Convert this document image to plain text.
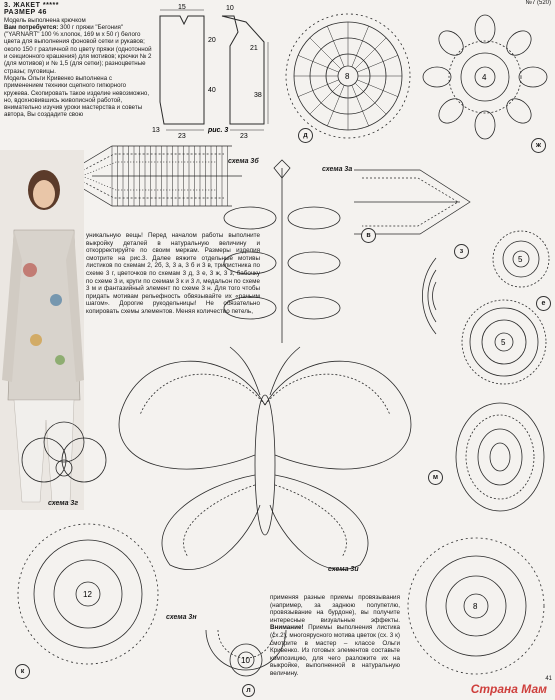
3. ЖАКЕТ *****
РАЗМЕР 46
Модель выполнена крючком
Вам потребуется: 300 г пряжи "Бегония" ("YARNART" 100 % хлопок, 169 м х 50 г) белого цвета для выполнения фоновой сетки и рукавов; около 150 г различной по цвету пряжи (однотонной и секционного крашения) для мотивов; крючки № 2 (для мотивов) и № 1,5 (для сетки); разноцветные стразы; пуговицы.
Модель Ольги Кривенко выполнена с применением техники сцепного гипюрного кружева. Скопировать такое изделие невозможно, но, вдохновившись живописной работой, внимательно изучив уроки мастерства и советы автора, Вы создадите свою
№7 (520)
15
20
23	23
40
21
38
10
13	рис. 3
8
д
4
ж
схема 3б
схема 3а
в
5
з
5
е
уникальную вещь! Перед началом работы выполните выкройку деталей в натуральную величину и откорректируйте по своим меркам. Размеры изделия смотрите на рис.3. Далее вяжите отдельные мотивы листиков по схемам 2, 2б, 3, 3 а, 3 б и 3 в, трилистника по схеме 3 г, цветочков по схемам 3 д, 3 е, 3 ж, 3 з, бабочку по схеме 3 и, круги по схемам 3 к и 3 л, медальон по схеме 3 м и фантазийный элемент по схеме 3 н. Для того чтобы придать мотивам рельефность обвязывайте их «рачьим шагом». Дорогие рукодельницы! Не обязательно копировать схемы элементов. Меняя количество петель,
м
схема 3г
12
к
10
схема 3н
схема 3и
л
применяя разные приемы провязывания (например, за заднюю полупетлю, провязывание на бурдоне), вы получите интересные визуальные эффекты. Внимание! Приемы выполнения листика (сх.2), многоярусного мотива цветок (сх. 3 к) смотрите в мастер – классе Ольги Кривенко. Из готовых элементов составьте композицию, для чего разложите их на выкройке, выполненной в натуральную величину.
8
Страна Мам
41
